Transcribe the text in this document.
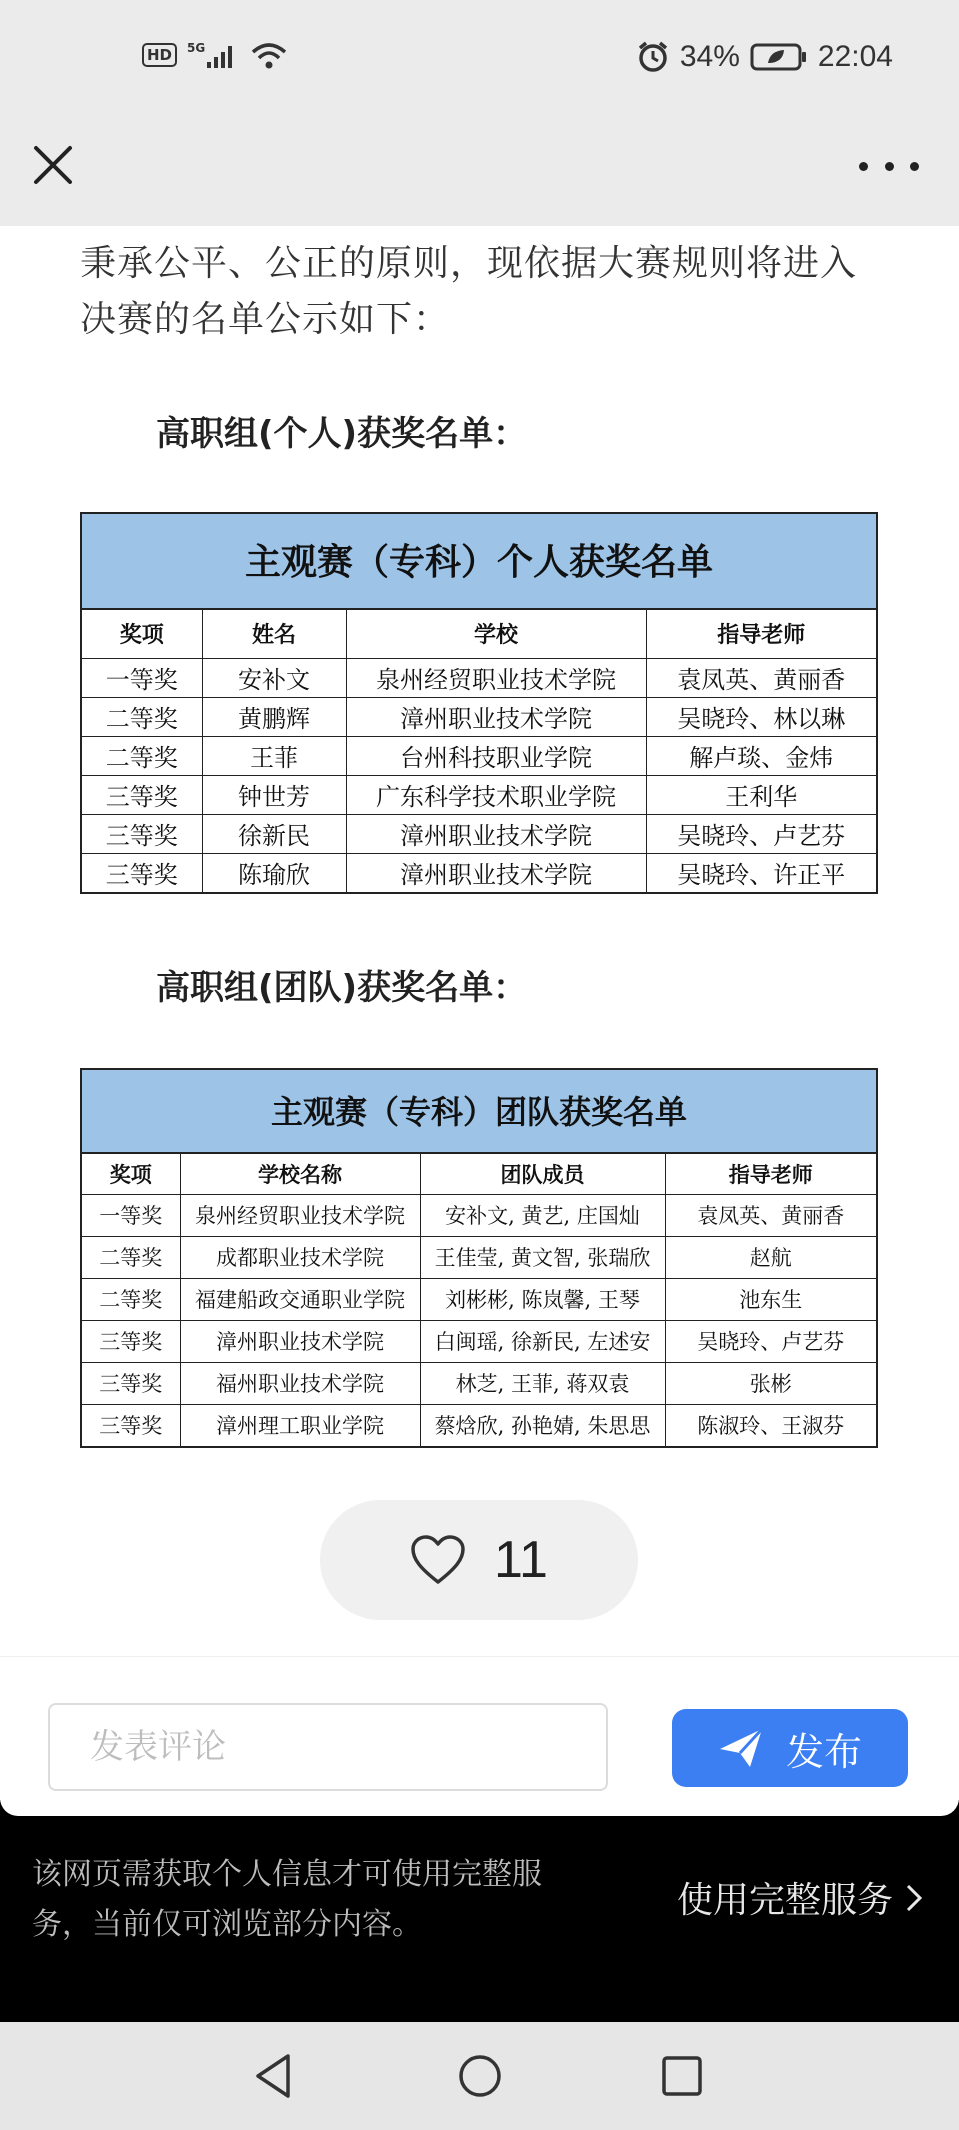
HD	5G	34%	22:04

秉承公平、公正的原则，现依据大赛规则将进入决赛的名单公示如下：

高职组(个人)获奖名单：
主观赛（专科）个人获奖名单
奖项	姓名	学校	指导老师
一等奖	安补文	泉州经贸职业技术学院	袁凤英、黄丽香
二等奖	黄鹏辉	漳州职业技术学院	吴晓玲、林以琳
二等奖	王菲	台州科技职业学院	解卢琰、金炜
三等奖	钟世芳	广东科学技术职业学院	王利华
三等奖	徐新民	漳州职业技术学院	吴晓玲、卢艺芬
三等奖	陈瑜欣	漳州职业技术学院	吴晓玲、许正平
高职组(团队)获奖名单：
主观赛（专科）团队获奖名单
奖项	学校名称	团队成员	指导老师
一等奖	泉州经贸职业技术学院	安补文, 黄艺, 庄国灿	袁凤英、黄丽香
二等奖	成都职业技术学院	王佳莹, 黄文智, 张瑞欣	赵航
二等奖	福建船政交通职业学院	刘彬彬, 陈岚馨, 王琴	池东生
三等奖	漳州职业技术学院	白闽瑶, 徐新民, 左述安	吴晓玲、卢艺芬
三等奖	福州职业技术学院	林芝, 王菲, 蒋双袁	张彬
三等奖	漳州理工职业学院	蔡焓欣, 孙艳婧, 朱思思	陈淑玲、王淑芬
11
发表评论	发布

该网页需获取个人信息才可使用完整服务，当前仅可浏览部分内容。

使用完整服务
